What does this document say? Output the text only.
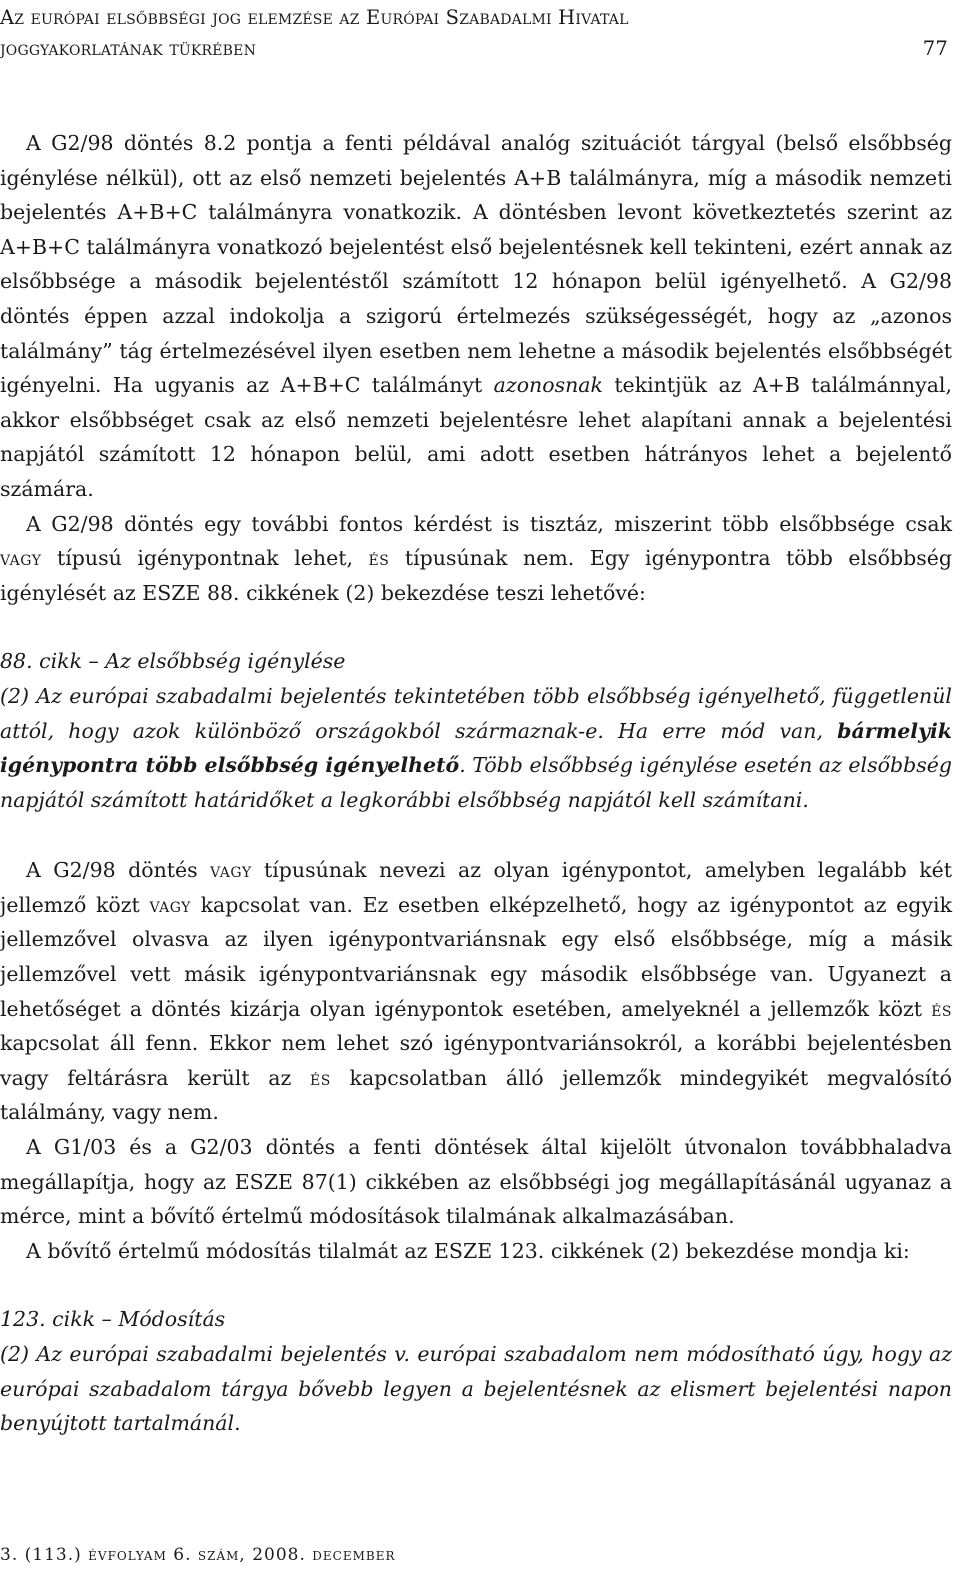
Az európai elsőbbségi jog elemzése az Európai Szabadalmi Hivatal
joggyakorlatának tükrében	77

A G2/98 döntés 8.2 pontja a fenti példával analóg szituációt tárgyal (belső elsőbbség igénylése nélkül), ott az első nemzeti bejelentés A+B találmányra, míg a második nemzeti bejelentés A+B+C találmányra vonatkozik. A döntésben levont következtetés szerint az A+B+C találmányra vonatkozó bejelentést első bejelentésnek kell tekinteni, ezért annak az elsőbbsége a második bejelentéstől számított 12 hónapon belül igényelhető. A G2/98 döntés éppen azzal indokolja a szigorú értelmezés szükségességét, hogy az „azonos találmány” tág értelmezésével ilyen esetben nem lehetne a második bejelentés elsőbbségét igényelni. Ha ugyanis az A+B+C találmányt azonosnak tekintjük az A+B találmánnyal, akkor elsőbbséget csak az első nemzeti bejelentésre lehet alapítani annak a bejelentési napjától számított 12 hónapon belül, ami adott esetben hátrányos lehet a bejelentő számára.

A G2/98 döntés egy további fontos kérdést is tisztáz, miszerint több elsőbbsége csak vagy típusú igénypontnak lehet, és típusúnak nem. Egy igénypontra több elsőbbség igénylését az ESZE 88. cikkének (2) bekezdése teszi lehetővé:

88. cikk – Az elsőbbség igénylése

(2) Az európai szabadalmi bejelentés tekintetében több elsőbbség igényelhető, függetlenül attól, hogy azok különböző országokból származnak-e. Ha erre mód van, bármelyik igénypontra több elsőbbség igényelhető. Több elsőbbség igénylése esetén az elsőbbség napjától számított határidőket a legkorábbi elsőbbség napjától kell számítani.

A G2/98 döntés vagy típusúnak nevezi az olyan igénypontot, amelyben legalább két jellemző közt vagy kapcsolat van. Ez esetben elképzelhető, hogy az igénypontot az egyik jellemzővel olvasva az ilyen igénypontvariánsnak egy első elsőbbsége, míg a másik jellemzővel vett másik igénypontvariánsnak egy második elsőbbsége van. Ugyanezt a lehetőséget a döntés kizárja olyan igénypontok esetében, amelyeknél a jellemzők közt és kapcsolat áll fenn. Ekkor nem lehet szó igénypontvariánsokról, a korábbi bejelentésben vagy feltárásra került az és kapcsolatban álló jellemzők mindegyikét megvalósító találmány, vagy nem.

A G1/03 és a G2/03 döntés a fenti döntések által kijelölt útvonalon továbbhaladva megállapítja, hogy az ESZE 87(1) cikkében az elsőbbségi jog megállapításánál ugyanaz a mérce, mint a bővítő értelmű módosítások tilalmának alkalmazásában.

A bővítő értelmű módosítás tilalmát az ESZE 123. cikkének (2) bekezdése mondja ki:

123. cikk – Módosítás

(2) Az európai szabadalmi bejelentés v. európai szabadalom nem módosítható úgy, hogy az európai szabadalom tárgya bővebb legyen a bejelentésnek az elismert bejelentési napon benyújtott tartalmánál.

3. (113.) évfolyam 6. szám, 2008. december
